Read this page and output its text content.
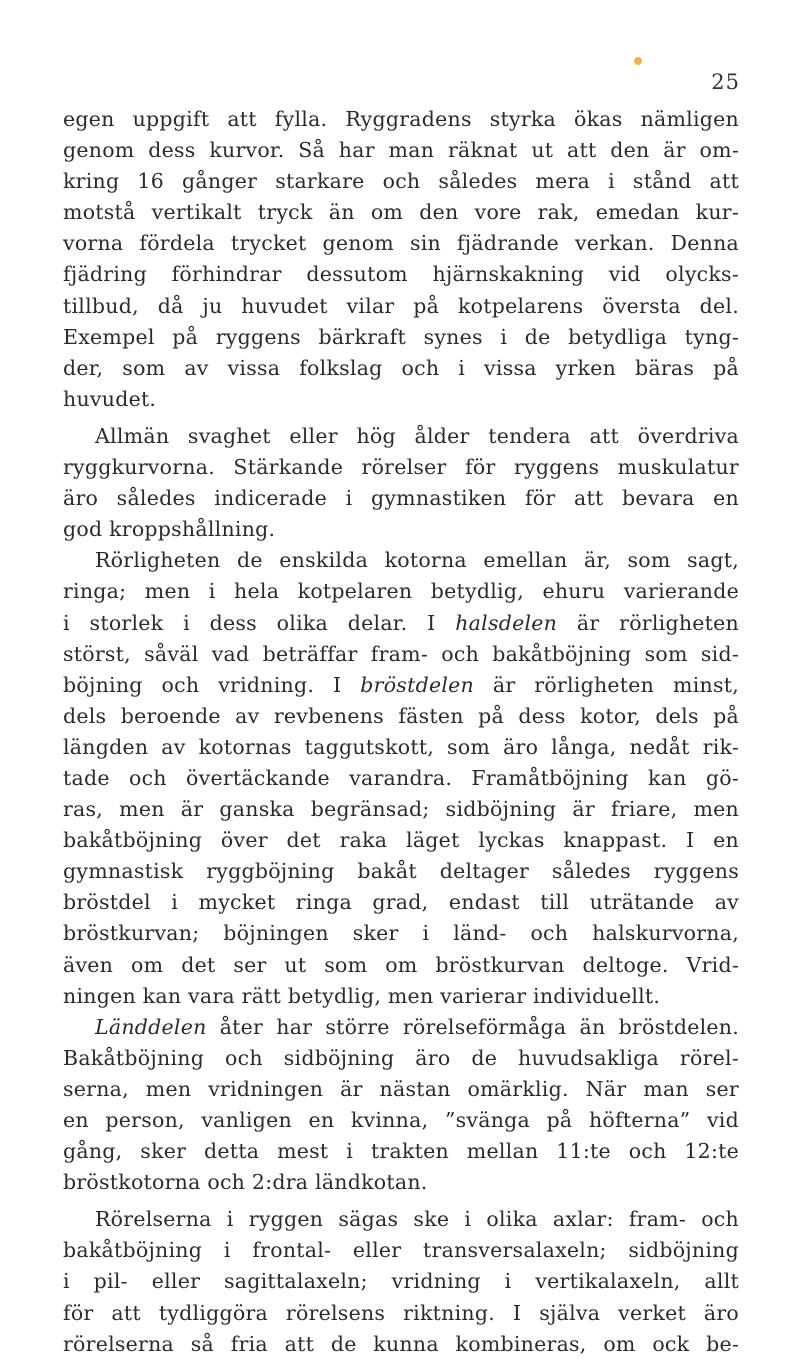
25
egen uppgift att fylla. Ryggradens styrka ökas nämligen
genom dess kurvor. Så har man räknat ut att den är om-
kring 16 gånger starkare och således mera i stånd att
motstå vertikalt tryck än om den vore rak, emedan kur-
vorna fördela trycket genom sin fjädrande verkan. Denna
fjädring förhindrar dessutom hjärnskakning vid olycks-
tillbud, då ju huvudet vilar på kotpelarens översta del.
Exempel på ryggens bärkraft synes i de betydliga tyng-
der, som av vissa folkslag och i vissa yrken bäras på
huvudet.
Allmän svaghet eller hög ålder tendera att överdriva
ryggkurvorna. Stärkande rörelser för ryggens muskulatur
äro således indicerade i gymnastiken för att bevara en
god kroppshållning.
Rörligheten de enskilda kotorna emellan är, som sagt,
ringa; men i hela kotpelaren betydlig, ehuru varierande
i storlek i dess olika delar. I halsdelen är rörligheten
störst, såväl vad beträffar fram- och bakåtböjning som sid-
böjning och vridning. I bröstdelen är rörligheten minst,
dels beroende av revbenens fästen på dess kotor, dels på
längden av kotornas taggutskott, som äro långa, nedåt rik-
tade och övertäckande varandra. Framåtböjning kan gö-
ras, men är ganska begränsad; sidböjning är friare, men
bakåtböjning över det raka läget lyckas knappast. I en
gymnastisk ryggböjning bakåt deltager således ryggens
bröstdel i mycket ringa grad, endast till uträtande av
bröstkurvan; böjningen sker i länd- och halskurvorna,
även om det ser ut som om bröstkurvan deltoge. Vrid-
ningen kan vara rätt betydlig, men varierar individuellt.
Länddelen åter har större rörelseförmåga än bröstdelen.
Bakåtböjning och sidböjning äro de huvudsakliga rörel-
serna, men vridningen är nästan omärklig. När man ser
en person, vanligen en kvinna, ”svänga på höfterna” vid
gång, sker detta mest i trakten mellan 11:te och 12:te
bröstkotorna och 2:dra ländkotan.
Rörelserna i ryggen sägas ske i olika axlar: fram- och
bakåtböjning i frontal- eller transversalaxeln; sidböjning
i pil- eller sagittalaxeln; vridning i vertikalaxeln, allt
för att tydliggöra rörelsens riktning. I själva verket äro
rörelserna så fria att de kunna kombineras, om ock be-
